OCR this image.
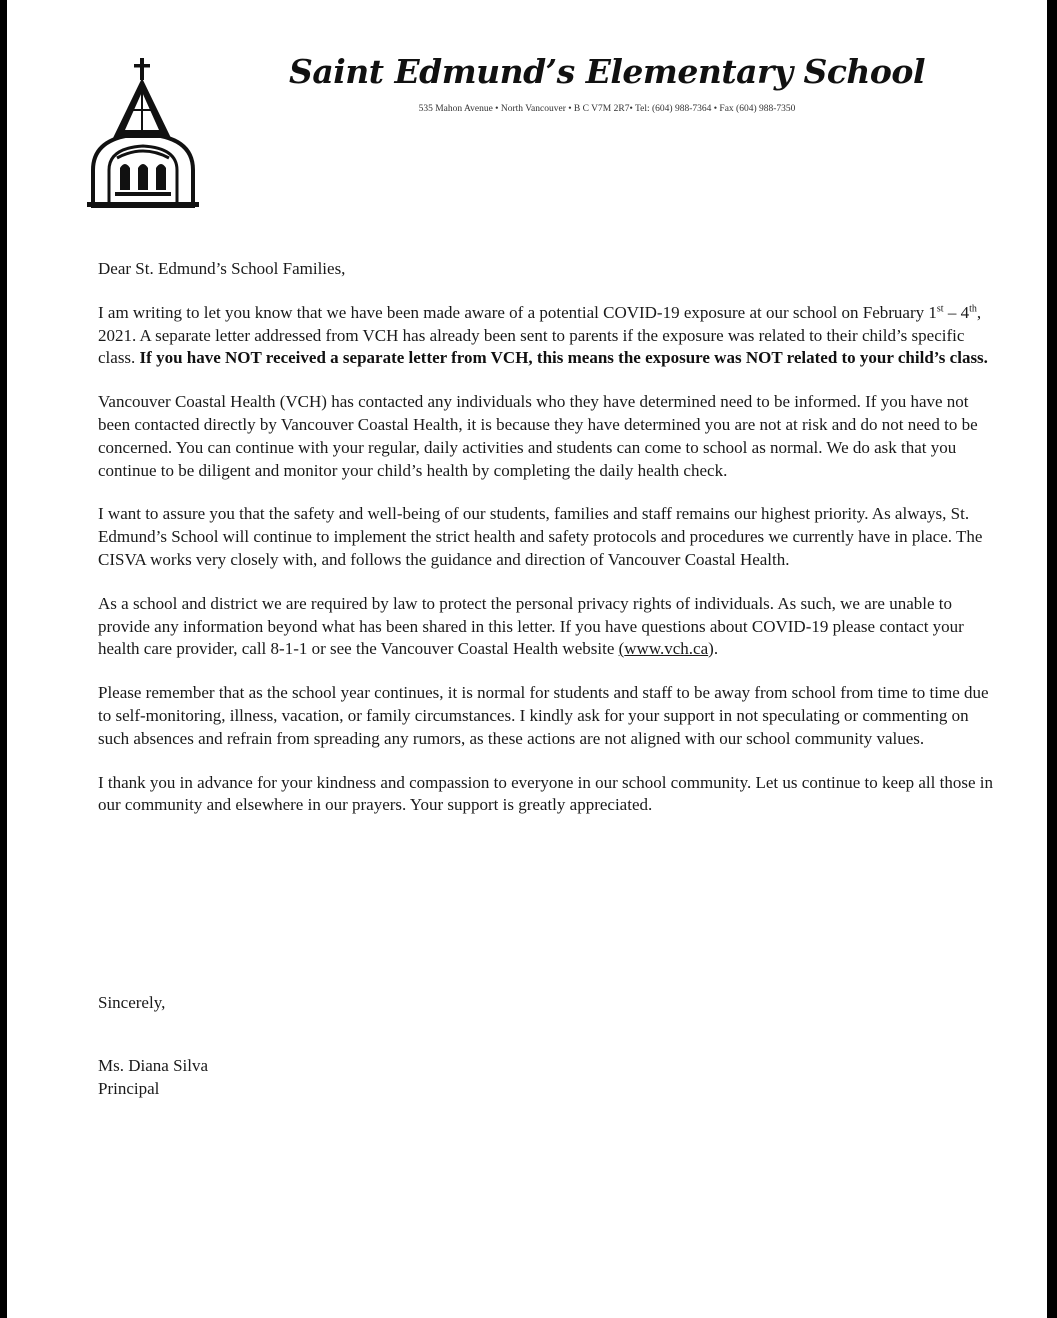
Saint Edmund’s Elementary School
535 Mahon Avenue • North Vancouver • B C V7M 2R7• Tel: (604) 988-7364 • Fax (604) 988-7350

Dear St. Edmund’s School Families,

I am writing to let you know that we have been made aware of a potential COVID-19 exposure at our school on February 1st – 4th, 2021. A separate letter addressed from VCH has already been sent to parents if the exposure was related to their child’s specific class. If you have NOT received a separate letter from VCH, this means the exposure was NOT related to your child’s class.

Vancouver Coastal Health (VCH) has contacted any individuals who they have determined need to be informed. If you have not been contacted directly by Vancouver Coastal Health, it is because they have determined you are not at risk and do not need to be concerned. You can continue with your regular, daily activities and students can come to school as normal. We do ask that you continue to be diligent and monitor your child’s health by completing the daily health check.

I want to assure you that the safety and well-being of our students, families and staff remains our highest priority. As always, St. Edmund’s School will continue to implement the strict health and safety protocols and procedures we currently have in place. The CISVA works very closely with, and follows the guidance and direction of Vancouver Coastal Health.

As a school and district we are required by law to protect the personal privacy rights of individuals. As such, we are unable to provide any information beyond what has been shared in this letter. If you have questions about COVID-19 please contact your health care provider, call 8-1-1 or see the Vancouver Coastal Health website (www.vch.ca).

Please remember that as the school year continues, it is normal for students and staff to be away from school from time to time due to self-monitoring, illness, vacation, or family circumstances. I kindly ask for your support in not speculating or commenting on such absences and refrain from spreading any rumors, as these actions are not aligned with our school community values.

I thank you in advance for your kindness and compassion to everyone in our school community. Let us continue to keep all those in our community and elsewhere in our prayers. Your support is greatly appreciated.

Sincerely,
Ms. Diana Silva
Principal
